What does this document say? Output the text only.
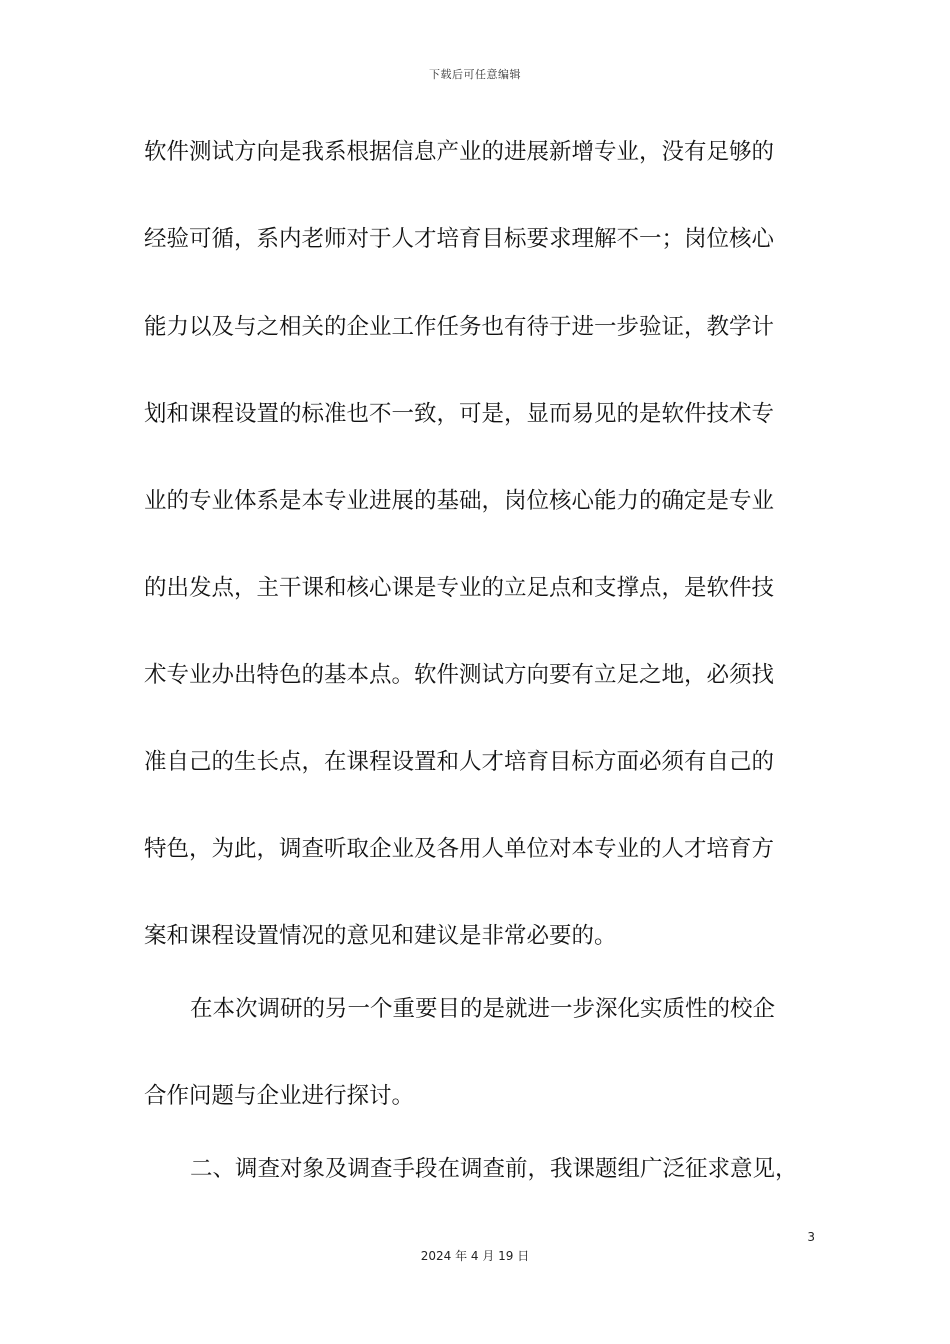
下载后可任意编辑
软件测试方向是我系根据信息产业的进展新增专业，没有足够的
经验可循，系内老师对于人才培育目标要求理解不一；岗位核心
能力以及与之相关的企业工作任务也有待于进一步验证，教学计
划和课程设置的标准也不一致，可是，显而易见的是软件技术专
业的专业体系是本专业进展的基础，岗位核心能力的确定是专业
的出发点，主干课和核心课是专业的立足点和支撑点，是软件技
术专业办出特色的基本点。软件测试方向要有立足之地，必须找
准自己的生长点，在课程设置和人才培育目标方面必须有自己的
特色，为此，调查听取企业及各用人单位对本专业的人才培育方
案和课程设置情况的意见和建议是非常必要的。
在本次调研的另一个重要目的是就进一步深化实质性的校企
合作问题与企业进行探讨。
二、调查对象及调查手段在调查前，我课题组广泛征求意见，
3
2024 年 4 月 19 日
